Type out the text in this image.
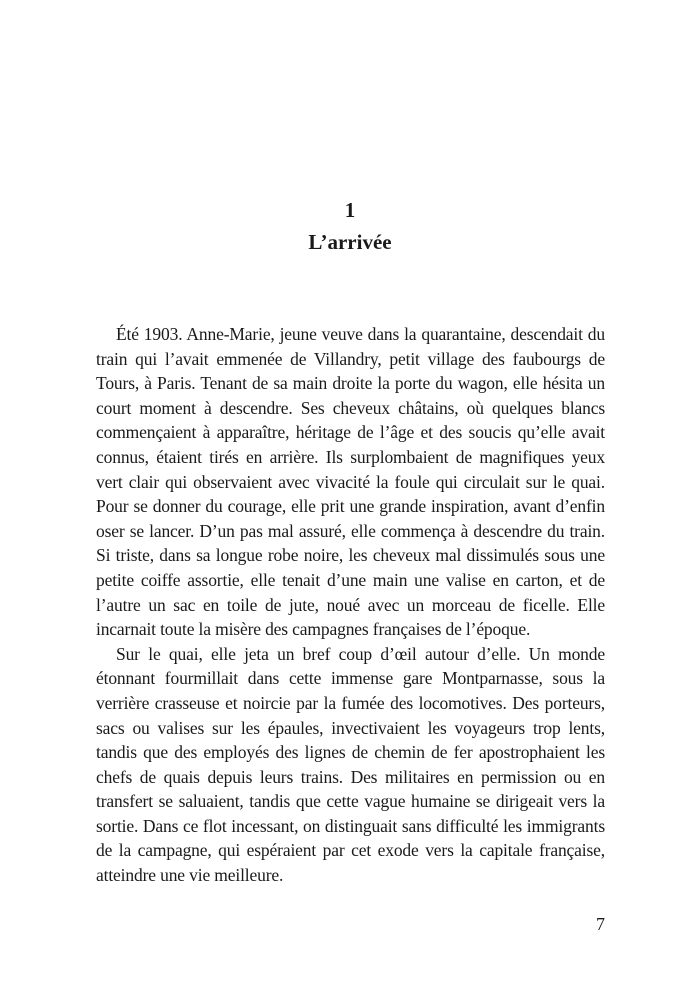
1
L’arrivée

Été 1903. Anne-Marie, jeune veuve dans la quarantaine, descendait du train qui l’avait emmenée de Villandry, petit village des faubourgs de Tours, à Paris. Tenant de sa main droite la porte du wagon, elle hésita un court moment à descendre. Ses cheveux châtains, où quelques blancs commençaient à apparaître, héritage de l’âge et des soucis qu’elle avait connus, étaient tirés en arrière. Ils surplombaient de magnifiques yeux vert clair qui observaient avec vivacité la foule qui circulait sur le quai. Pour se donner du courage, elle prit une grande inspiration, avant d’enfin oser se lancer. D’un pas mal assuré, elle commença à descendre du train. Si triste, dans sa longue robe noire, les cheveux mal dissimulés sous une petite coiffe assortie, elle tenait d’une main une valise en carton, et de l’autre un sac en toile de jute, noué avec un morceau de ficelle. Elle incarnait toute la misère des campagnes françaises de l’époque.

Sur le quai, elle jeta un bref coup d’œil autour d’elle. Un monde étonnant fourmillait dans cette immense gare Montparnasse, sous la verrière crasseuse et noircie par la fumée des locomotives. Des porteurs, sacs ou valises sur les épaules, invectivaient les voyageurs trop lents, tandis que des employés des lignes de chemin de fer apostrophaient les chefs de quais depuis leurs trains. Des militaires en permission ou en transfert se saluaient, tandis que cette vague humaine se dirigeait vers la sortie. Dans ce flot incessant, on distinguait sans difficulté les immigrants de la campagne, qui espéraient par cet exode vers la capitale française, atteindre une vie meilleure.

7
